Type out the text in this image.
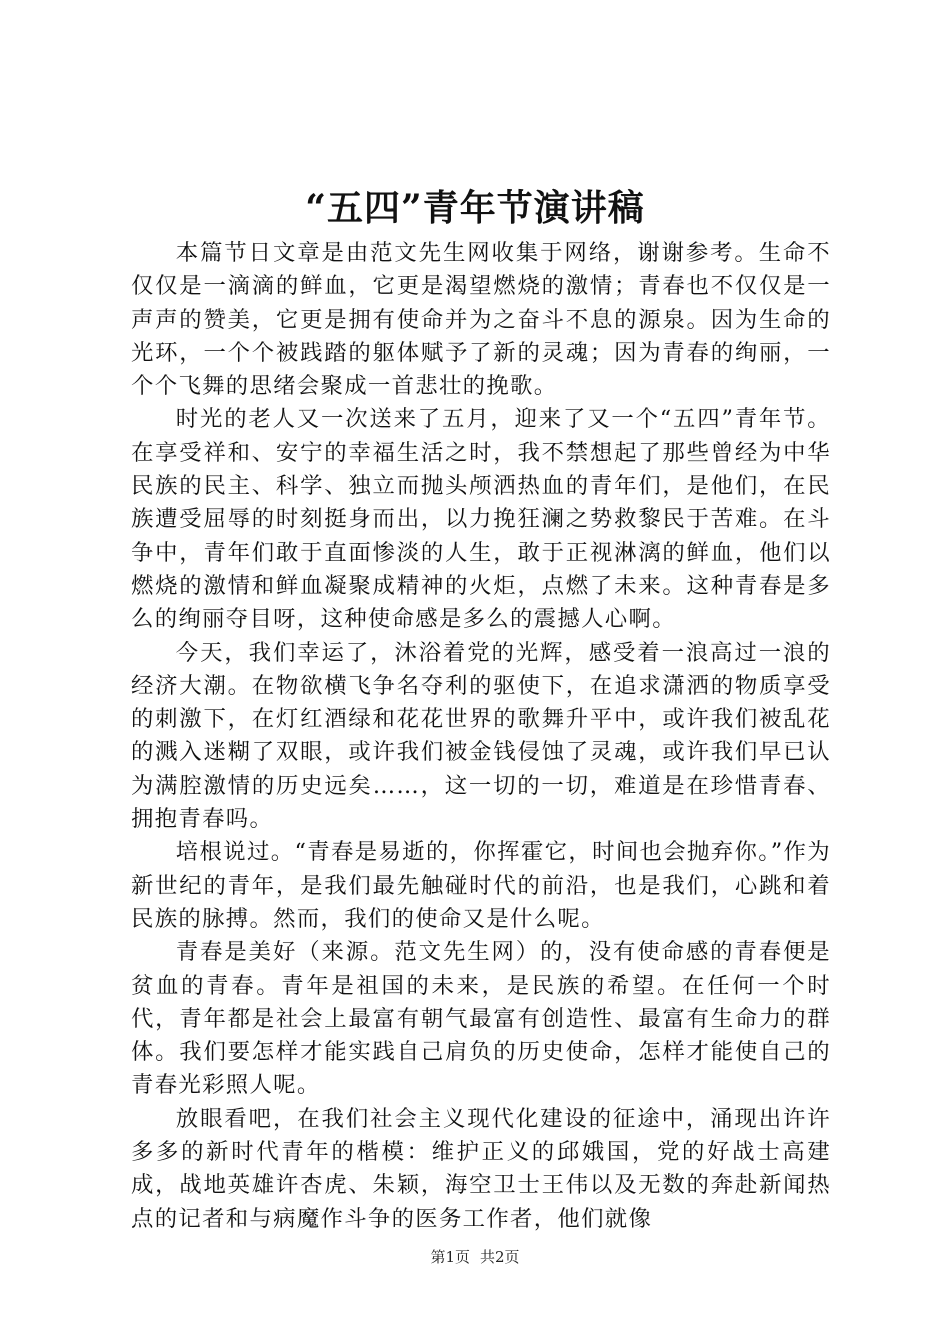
“五四”青年节演讲稿

本篇节日文章是由范文先生网收集于网络，谢谢参考。生命不仅仅是一滴滴的鲜血，它更是渴望燃烧的激情；青春也不仅仅是一声声的赞美，它更是拥有使命并为之奋斗不息的源泉。因为生命的光环，一个个被践踏的躯体赋予了新的灵魂；因为青春的绚丽，一个个飞舞的思绪会聚成一首悲壮的挽歌。

时光的老人又一次送来了五月，迎来了又一个“五四”青年节。在享受祥和、安宁的幸福生活之时，我不禁想起了那些曾经为中华民族的民主、科学、独立而抛头颅洒热血的青年们，是他们，在民族遭受屈辱的时刻挺身而出，以力挽狂澜之势救黎民于苦难。在斗争中，青年们敢于直面惨淡的人生，敢于正视淋漓的鲜血，他们以燃烧的激情和鲜血凝聚成精神的火炬，点燃了未来。这种青春是多么的绚丽夺目呀，这种使命感是多么的震撼人心啊。

今天，我们幸运了，沐浴着党的光辉，感受着一浪高过一浪的经济大潮。在物欲横飞争名夺利的驱使下，在追求潇洒的物质享受的刺激下，在灯红酒绿和花花世界的歌舞升平中，或许我们被乱花的溅入迷糊了双眼，或许我们被金钱侵蚀了灵魂，或许我们早已认为满腔激情的历史远矣……，这一切的一切，难道是在珍惜青春、拥抱青春吗。

培根说过。“青春是易逝的，你挥霍它，时间也会抛弃你。”作为新世纪的青年，是我们最先触碰时代的前沿，也是我们，心跳和着民族的脉搏。然而，我们的使命又是什么呢。

青春是美好（来源。范文先生网）的，没有使命感的青春便是贫血的青春。青年是祖国的未来，是民族的希望。在任何一个时代，青年都是社会上最富有朝气最富有创造性、最富有生命力的群体。我们要怎样才能实践自己肩负的历史使命，怎样才能使自己的青春光彩照人呢。

放眼看吧，在我们社会主义现代化建设的征途中，涌现出许许多多的新时代青年的楷模：维护正义的邱娥国，党的好战士高建成，战地英雄许杏虎、朱颖，海空卫士王伟以及无数的奔赴新闻热点的记者和与病魔作斗争的医务工作者，他们就像

第1页 共2页
